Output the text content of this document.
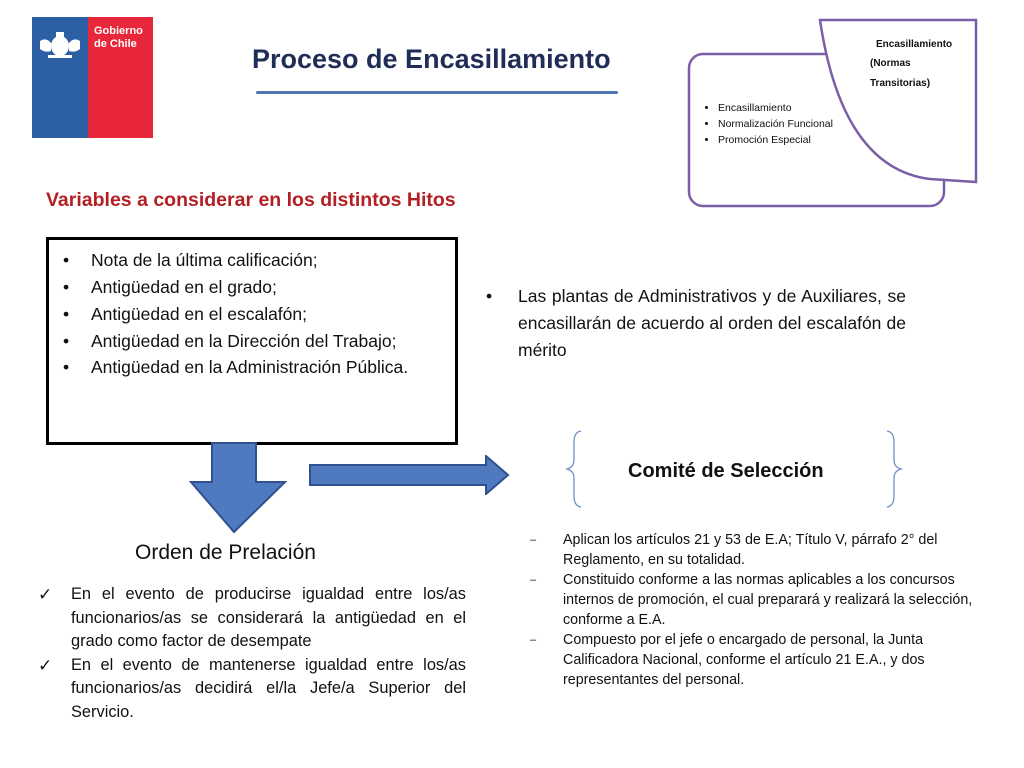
Gobierno
de Chile	Proceso de Encasillamiento
• Encasillamiento
• Normalización Funcional
• Promoción Especial
Encasillamiento
(Normas
Transitorias)
Variables a considerar en los distintos Hitos
• Nota de la última calificación;
• Antigüedad en el grado;
• Antigüedad en el escalafón;
• Antigüedad en la Dirección del Trabajo;
• Antigüedad en la Administración Pública.
• Las plantas de Administrativos y de Auxiliares, se encasillarán de acuerdo al orden del escalafón de mérito
Comité de Selección
– Aplican los artículos 21 y 53 de E.A; Título V, párrafo 2° del Reglamento, en su totalidad.
– Constituido conforme a las normas aplicables a los concursos internos de promoción, el cual preparará y realizará la selección, conforme a E.A.
– Compuesto por el jefe o encargado de personal, la Junta Calificadora Nacional, conforme el artículo 21 E.A., y dos representantes del personal.
Orden de Prelación
✓ En el evento de producirse igualdad entre los/as funcionarios/as se considerará la antigüedad en el grado como factor de desempate
✓ En el evento de mantenerse igualdad entre los/as funcionarios/as decidirá el/la Jefe/a Superior del Servicio.
